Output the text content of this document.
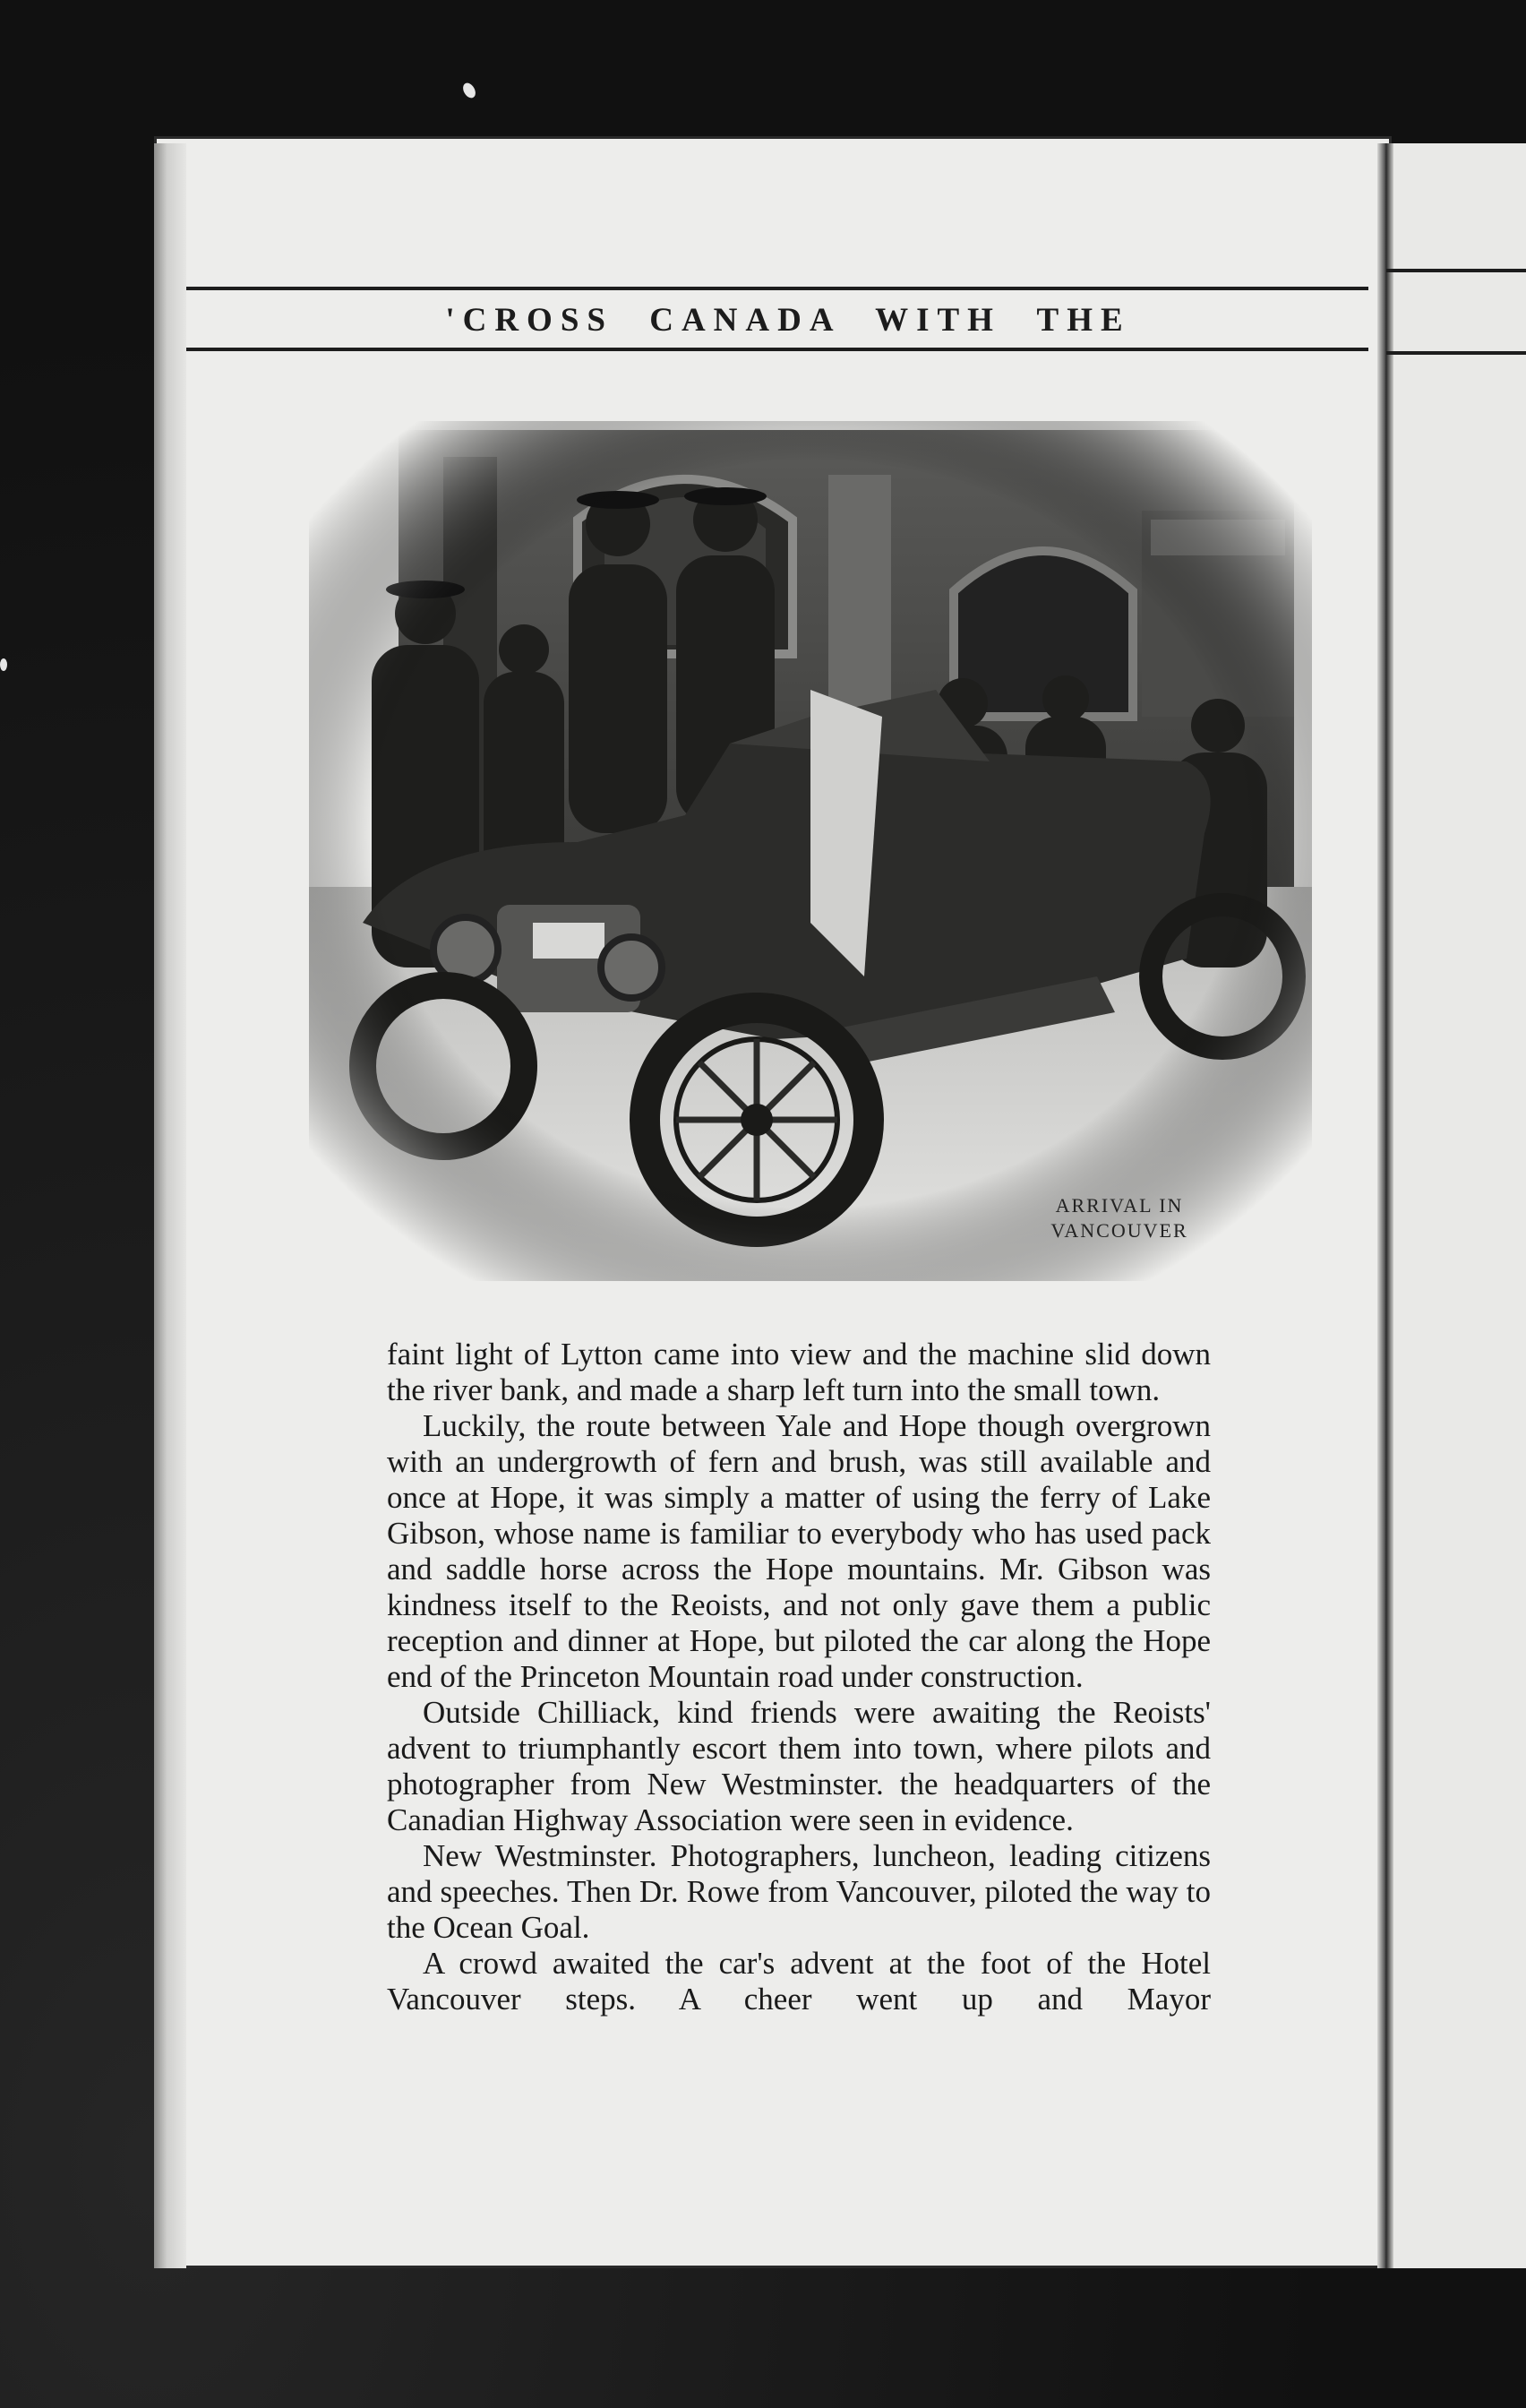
'CROSS CANADA WITH THE
ARRIVAL IN
VANCOUVER

faint light of Lytton came into view and the machine slid down the river bank, and made a sharp left turn into the small town.

Luckily, the route between Yale and Hope though overgrown with an undergrowth of fern and brush, was still available and once at Hope, it was simply a matter of using the ferry of Lake Gibson, whose name is familiar to everybody who has used pack and saddle horse across the Hope mountains. Mr. Gibson was kindness itself to the Reoists, and not only gave them a public reception and dinner at Hope, but piloted the car along the Hope end of the Princeton Mountain road under construction.

Outside Chilliack, kind friends were awaiting the Reoists' advent to triumphantly escort them into town, where pilots and photographer from New Westminster. the headquarters of the Canadian Highway Association were seen in evidence.

New Westminster. Photographers, luncheon, leading citizens and speeches. Then Dr. Rowe from Vancouver, piloted the way to the Ocean Goal.

A crowd awaited the car's advent at the foot of the Hotel Vancouver steps. A cheer went up and Mayor
